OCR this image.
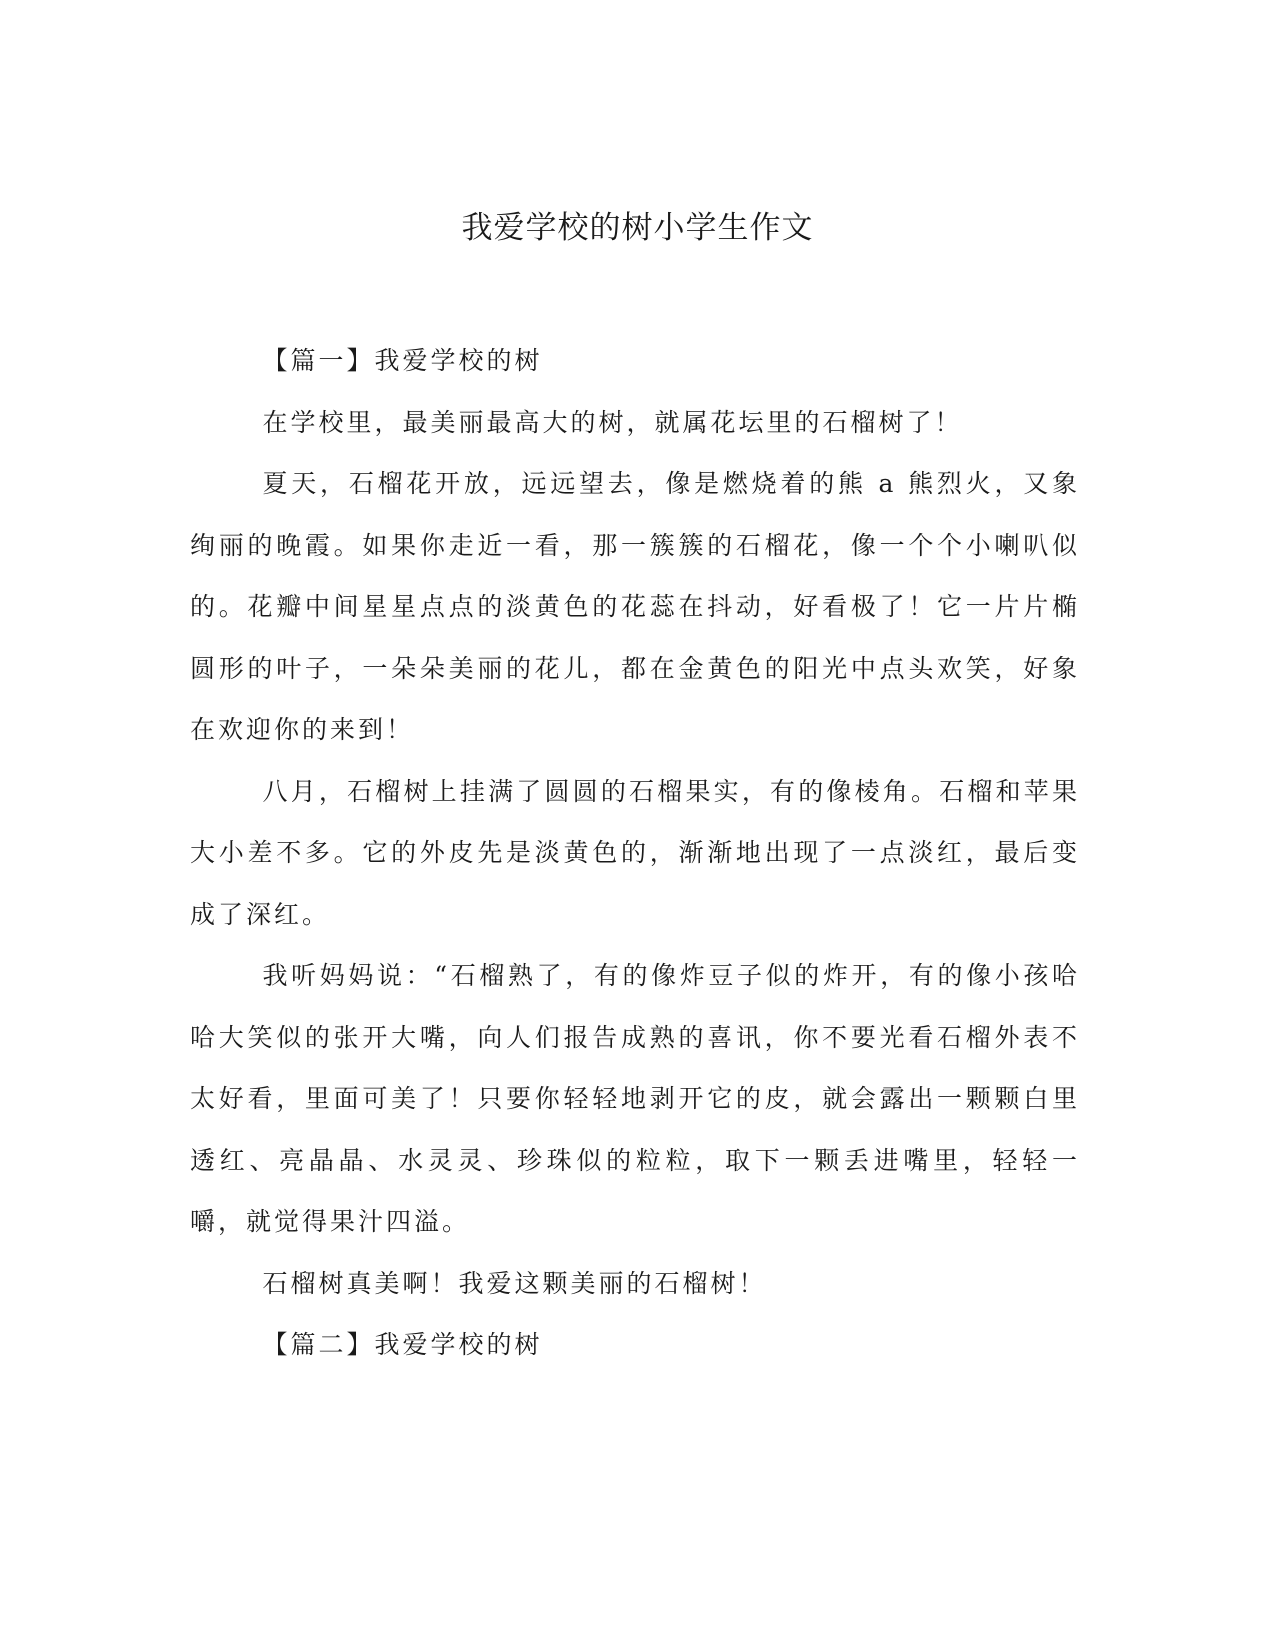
我爱学校的树小学生作文

【篇一】我爱学校的树

在学校里，最美丽最高大的树，就属花坛里的石榴树了！

夏天，石榴花开放，远远望去，像是燃烧着的熊 a 熊烈火，又象绚丽的晚霞。如果你走近一看，那一簇簇的石榴花，像一个个小喇叭似的。花瓣中间星星点点的淡黄色的花蕊在抖动，好看极了！它一片片椭圆形的叶子，一朵朵美丽的花儿，都在金黄色的阳光中点头欢笑，好象在欢迎你的来到！

八月，石榴树上挂满了圆圆的石榴果实，有的像棱角。石榴和苹果大小差不多。它的外皮先是淡黄色的，渐渐地出现了一点淡红，最后变成了深红。

我听妈妈说：“石榴熟了，有的像炸豆子似的炸开，有的像小孩哈哈大笑似的张开大嘴，向人们报告成熟的喜讯，你不要光看石榴外表不太好看，里面可美了！只要你轻轻地剥开它的皮，就会露出一颗颗白里透红、亮晶晶、水灵灵、珍珠似的粒粒，取下一颗丢进嘴里，轻轻一嚼，就觉得果汁四溢。

石榴树真美啊！我爱这颗美丽的石榴树！

【篇二】我爱学校的树
